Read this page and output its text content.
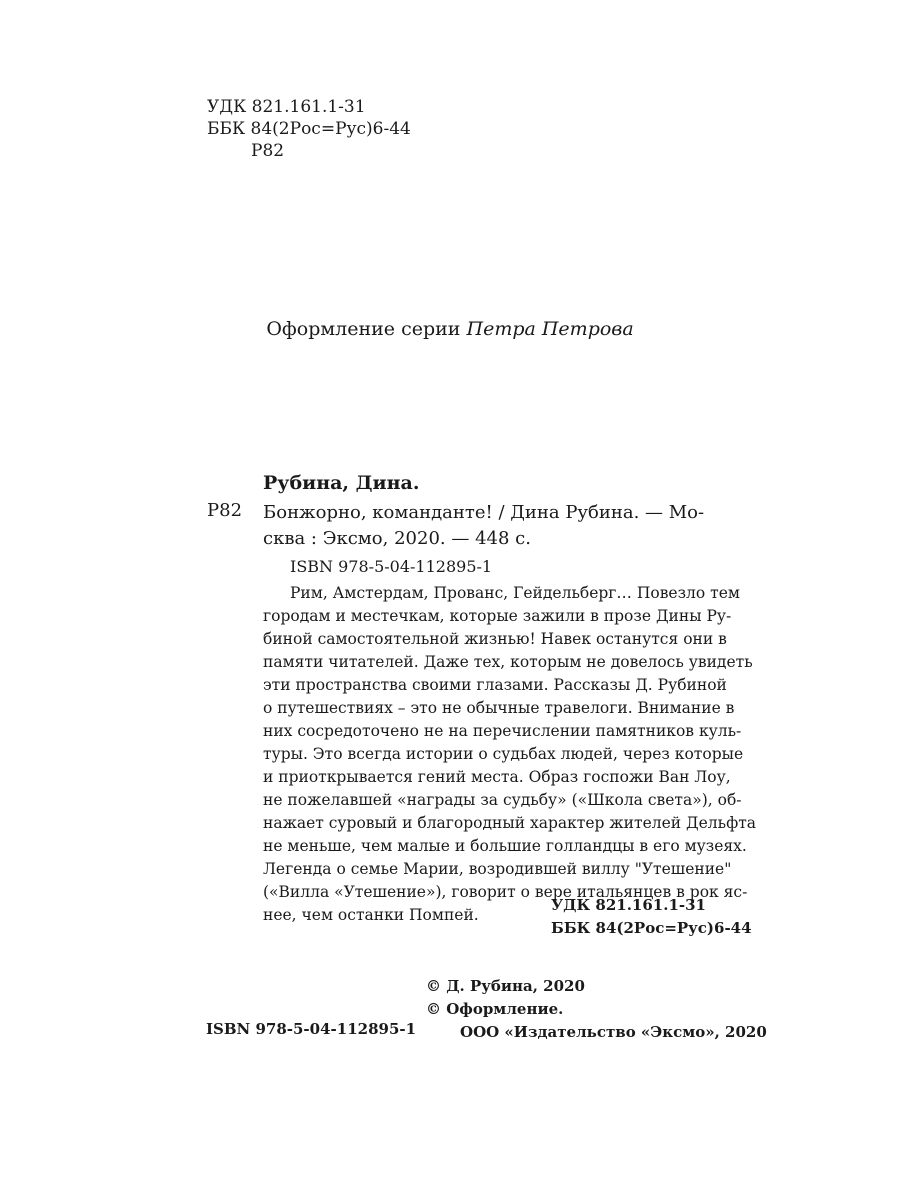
УДК 821.161.1-31
ББК 84(2Рос=Рус)6-44
Р82
Оформление серии Петра Петрова
Рубина, Дина.
Р82 Бонжорно, команданте! / Дина Рубина. — Мо-
сква : Эксмо, 2020. — 448 с.
ISBN 978-5-04-112895-1

Рим, Амстердам, Прованс, Гейдельберг… Повезло тем

городам и местечкам, которые зажили в прозе Дины Ру-

биной самостоятельной жизнью! Навек останутся они в

памяти читателей. Даже тех, которым не довелось увидеть

эти пространства своими глазами. Рассказы Д. Рубиной

о путешествиях – это не обычные травелоги. Внимание в

них сосредоточено не на перечислении памятников куль-

туры. Это всегда истории о судьбах людей, через которые

и приоткрывается гений места. Образ госпожи Ван Лоу,

не пожелавшей «награды за судьбу» («Школа света»), об-

нажает суровый и благородный характер жителей Дельфта

не меньше, чем малые и большие голландцы в его музеях.

Легенда о семье Марии, возродившей виллу "Утешение"

(«Вилла «Утешение»), говорит о вере итальянцев в рок яс-

нее, чем останки Помпей.

УДК 821.161.1-31
ББК 84(2Рос=Рус)6-44
© Д. Рубина, 2020
© Оформление.
ООО «Издательство «Эксмо», 2020
ISBN 978-5-04-112895-1
